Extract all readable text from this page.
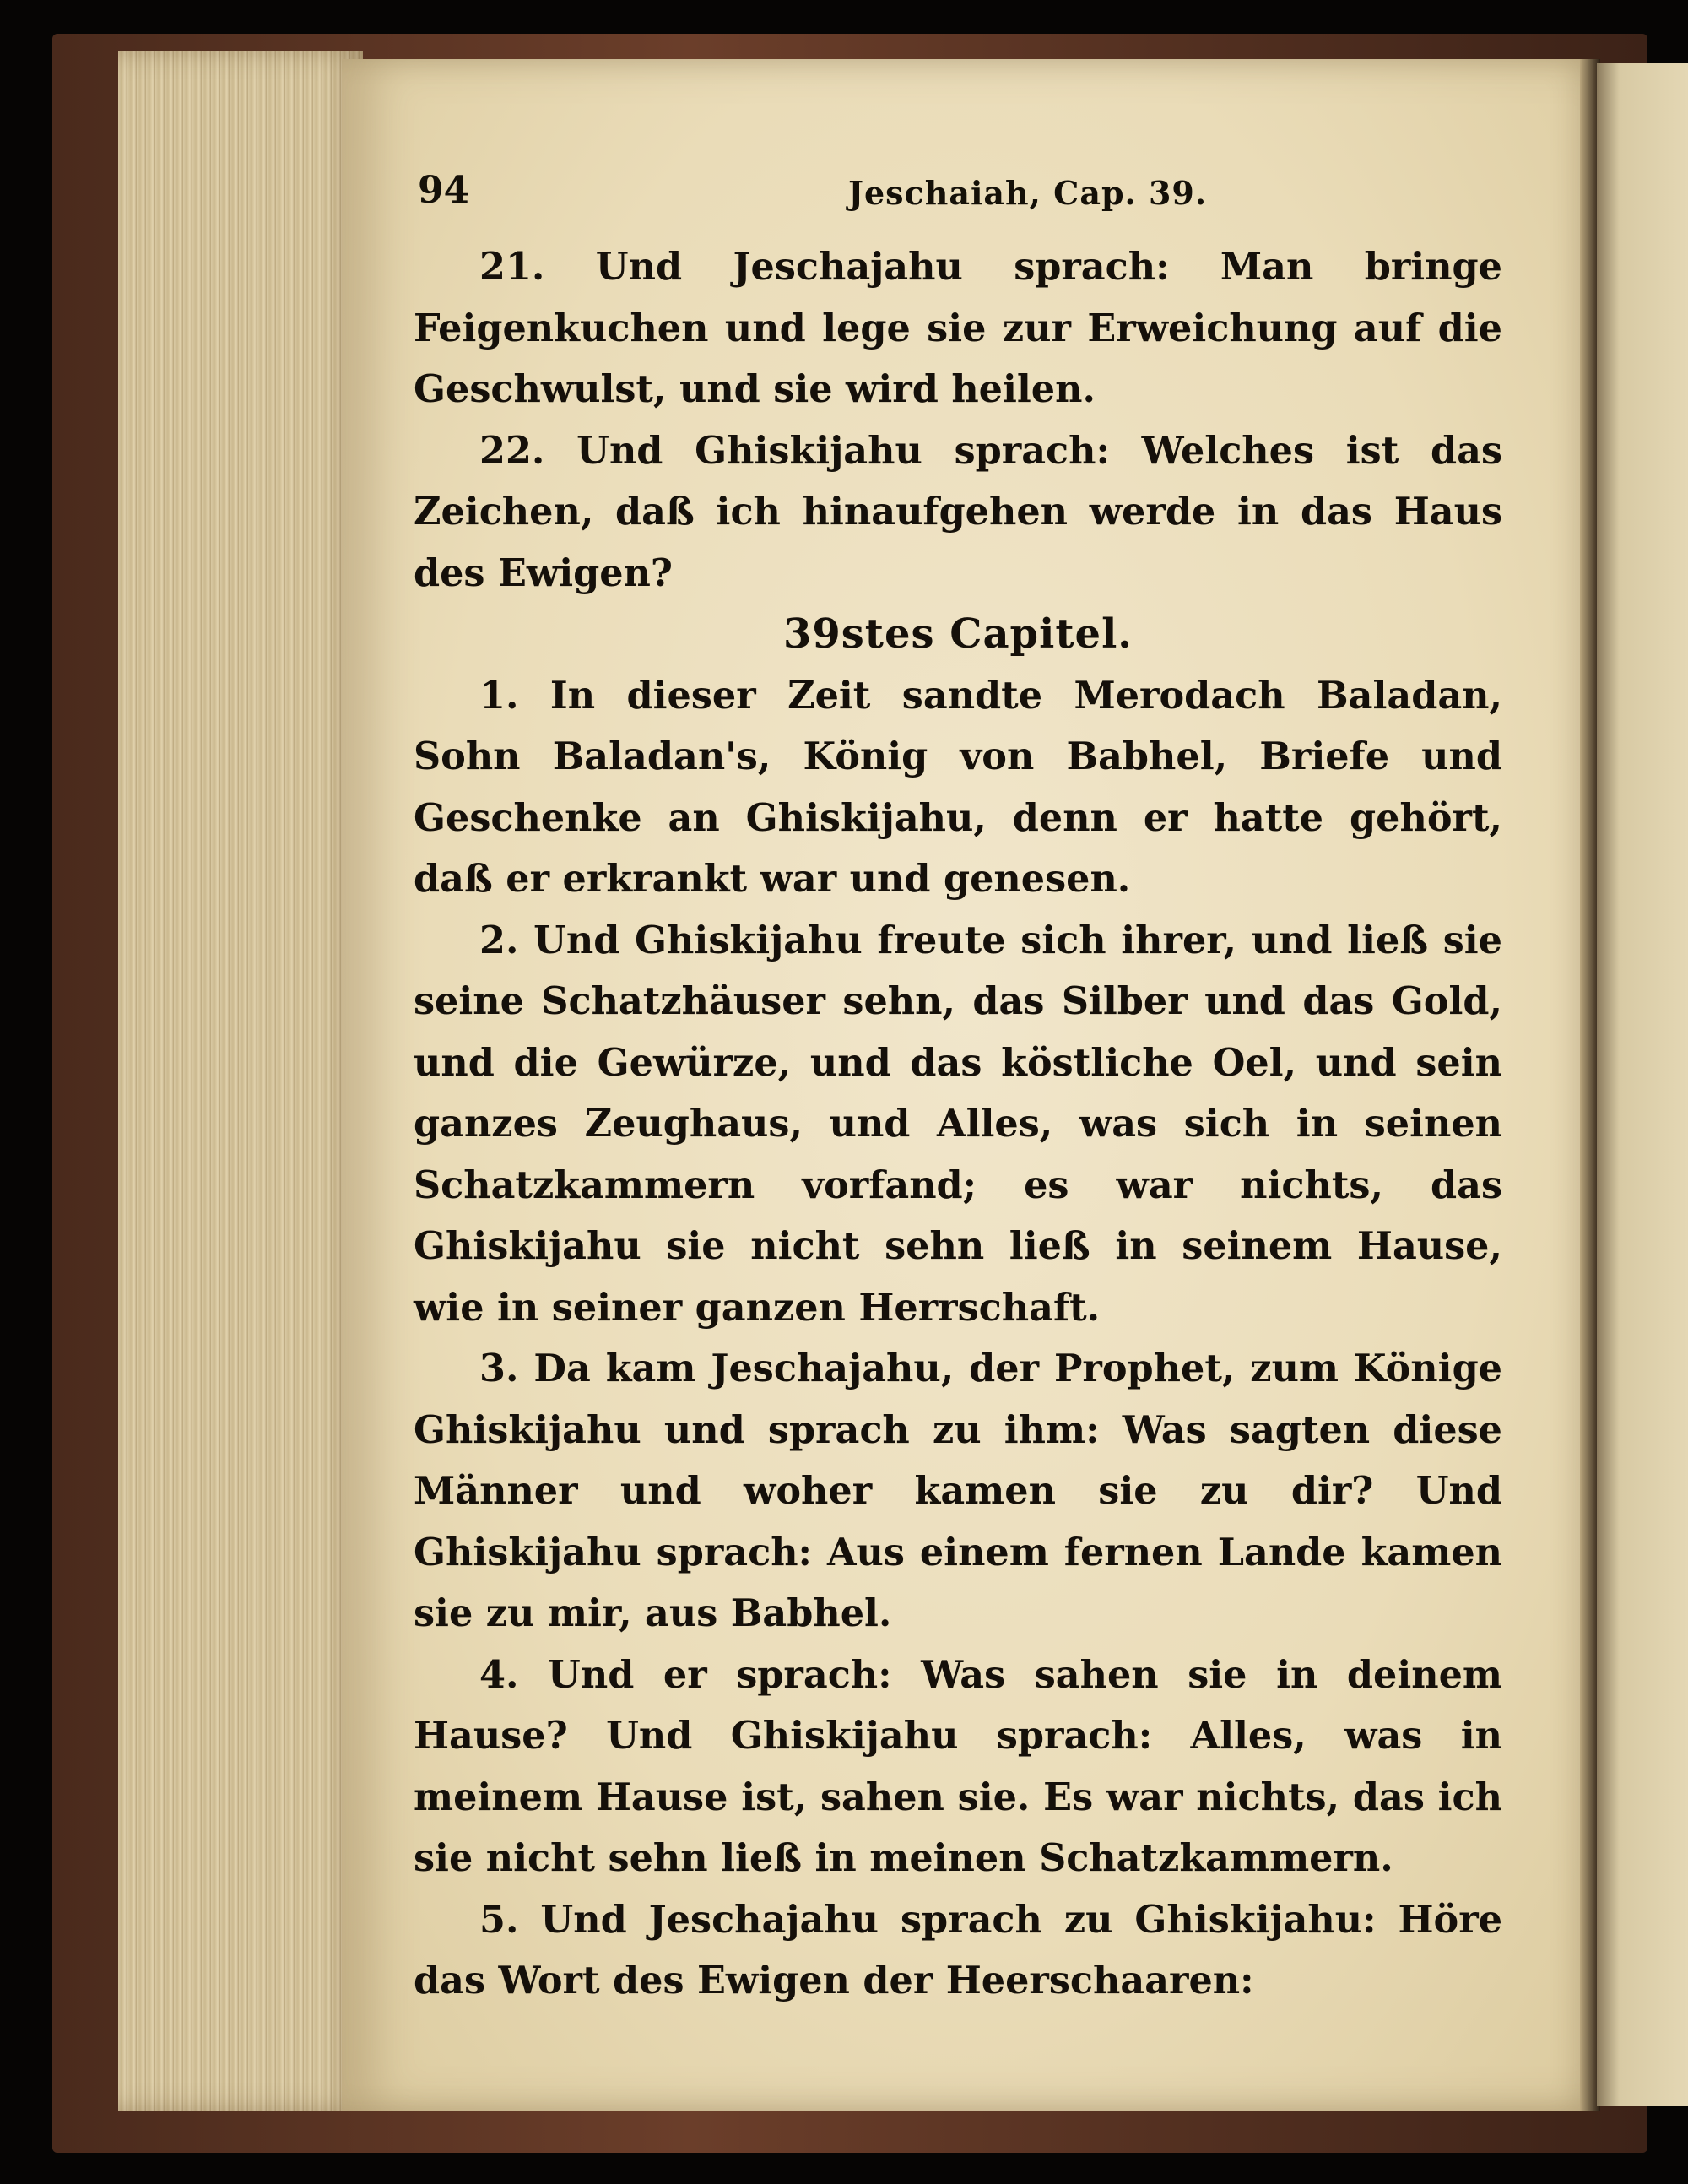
94	Jeschaiah, Cap. 39.

21. Und Jeschajahu sprach: Man bringe Feigenkuchen und lege sie zur Erweichung auf die Geschwulst, und sie wird heilen.

22. Und Ghiskijahu sprach: Welches ist das Zeichen, daß ich hinaufgehen werde in das Haus des Ewigen?

39stes Capitel.

1. In dieser Zeit sandte Merodach Baladan, Sohn Baladan's, König von Babhel, Briefe und Geschenke an Ghiskijahu, denn er hatte gehört, daß er erkrankt war und genesen.

2. Und Ghiskijahu freute sich ihrer, und ließ sie seine Schatzhäuser sehn, das Silber und das Gold, und die Gewürze, und das köstliche Oel, und sein ganzes Zeughaus, und Alles, was sich in seinen Schatzkammern vorfand; es war nichts, das Ghiskijahu sie nicht sehn ließ in seinem Hause, wie in seiner ganzen Herrschaft.

3. Da kam Jeschajahu, der Prophet, zum Könige Ghiskijahu und sprach zu ihm: Was sagten diese Männer und woher kamen sie zu dir? Und Ghiskijahu sprach: Aus einem fernen Lande kamen sie zu mir, aus Babhel.

4. Und er sprach: Was sahen sie in deinem Hause? Und Ghiskijahu sprach: Alles, was in meinem Hause ist, sahen sie. Es war nichts, das ich sie nicht sehn ließ in meinen Schatzkammern.

5. Und Jeschajahu sprach zu Ghiskijahu: Höre das Wort des Ewigen der Heerschaaren:
